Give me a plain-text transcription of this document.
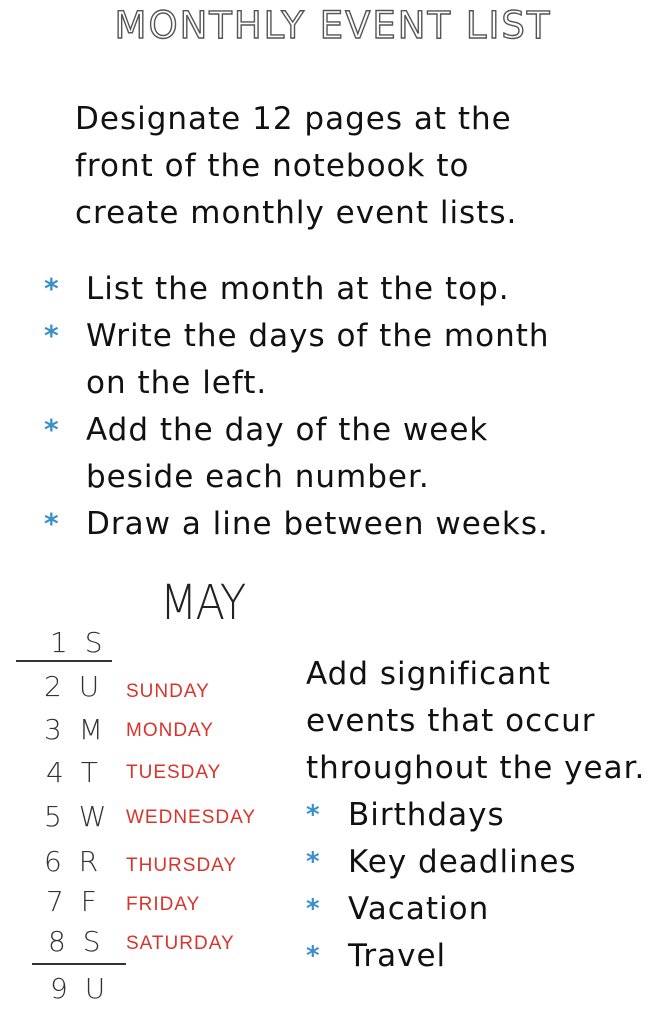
MONTHLY EVENT LIST
Designate 12 pages at the
front of the notebook to
create monthly event lists.
* List the month at the top.
* Write the days of the month
on the left.
* Add the day of the week
beside each number.
* Draw a line between weeks.
MAY
1 S
2 U SUNDAY
3 M MONDAY
4 T TUESDAY
5 W WEDNESDAY
6 R THURSDAY
7 F FRIDAY
8 S SATURDAY
9 U
Add significant
events that occur
throughout the year.
* Birthdays
* Key deadlines
* Vacation
* Travel
